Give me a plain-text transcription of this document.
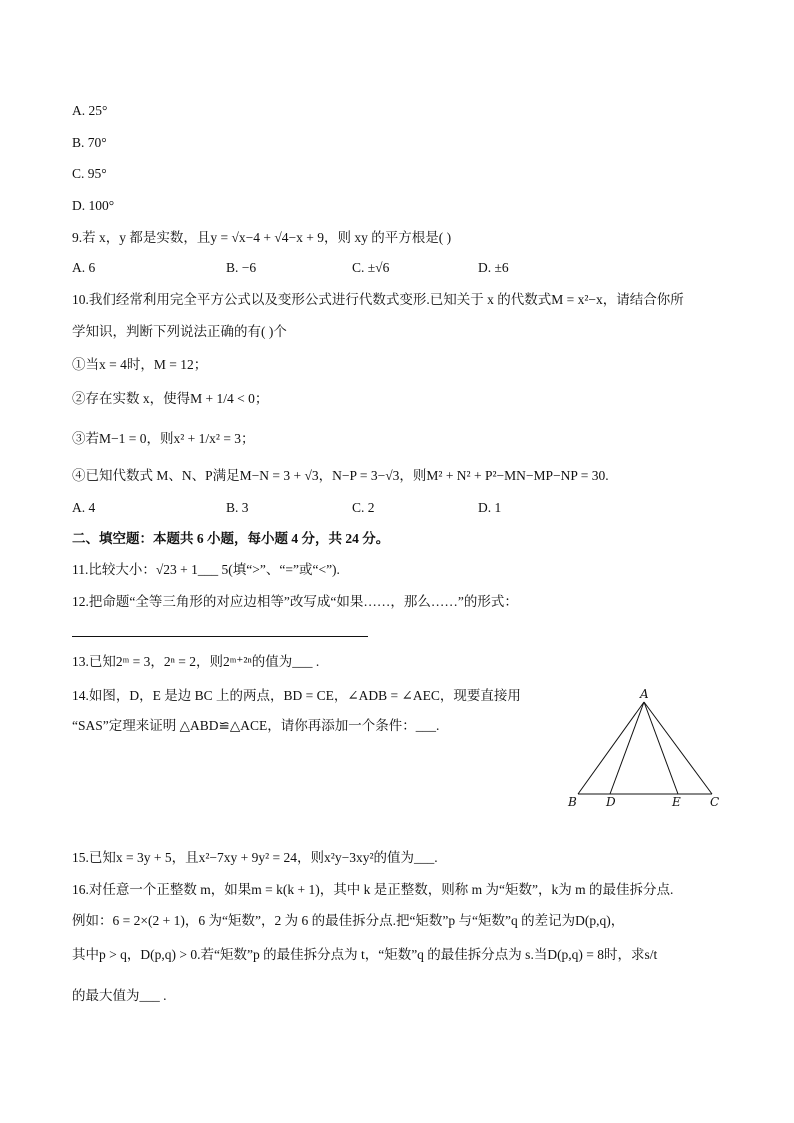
A. 25°
B. 70°
C. 95°
D. 100°
9.若 x，y 都是实数，且y = √x−4 + √4−x + 9，则 xy 的平方根是( )
A. 6	B. −6	C. ±√6	D. ±6
10.我们经常利用完全平方公式以及变形公式进行代数式变形.已知关于 x 的代数式M = x²−x，请结合你所
学知识，判断下列说法正确的有( )个
①当x = 4时，M = 12；
②存在实数 x，使得M + 1/4 < 0；
③若M−1 = 0，则x² + 1/x² = 3；
④已知代数式 M、N、P满足M−N = 3 + √3，N−P = 3−√3，则M² + N² + P²−MN−MP−NP = 30.
A. 4	B. 3	C. 2	D. 1
二、填空题：本题共 6 小题，每小题 4 分，共 24 分。
11.比较大小：√23 + 1___ 5(填“>”、“=”或“<”).
12.把命题“全等三角形的对应边相等”改写成“如果……，那么……”的形式：
13.已知2ᵐ = 3，2ⁿ = 2，则2ᵐ⁺²ⁿ的值为___ .
14.如图，D，E 是边 BC 上的两点，BD = CE，∠ADB = ∠AEC，现要直接用
“SAS”定理来证明 △ABD≌△ACE，请你再添加一个条件：___.
A
B D	E C
15.已知x = 3y + 5，且x²−7xy + 9y² = 24，则x²y−3xy²的值为___.
16.对任意一个正整数 m，如果m = k(k + 1)，其中 k 是正整数，则称 m 为“矩数”，k为 m 的最佳拆分点.
例如：6 = 2×(2 + 1)，6 为“矩数”，2 为 6 的最佳拆分点.把“矩数”p 与“矩数”q 的差记为D(p,q)，
其中p > q，D(p,q) > 0.若“矩数”p 的最佳拆分点为 t，“矩数”q 的最佳拆分点为 s.当D(p,q) = 8时，求s/t
的最大值为___ .
